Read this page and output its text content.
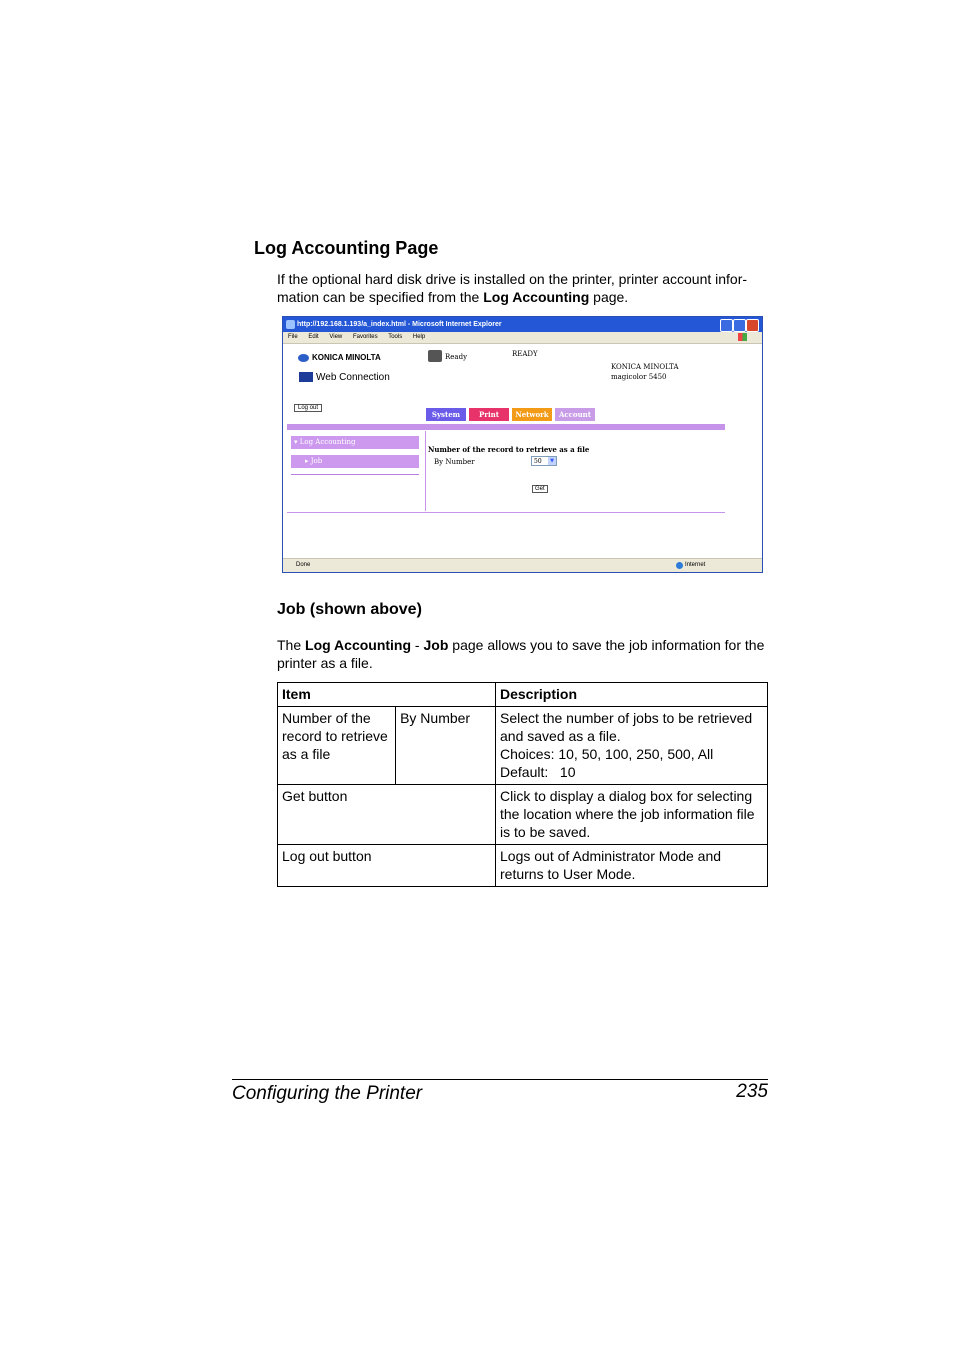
Log Accounting Page
If the optional hard disk drive is installed on the printer, printer account infor-mation can be specified from the Log Accounting page.
http://192.168.1.193/a_index.html - Microsoft Internet Explorer
File Edit View Favorites Tools Help
KONICA MINOLTA
Web Connection
Ready	READY
KONICA MINOLTA
magicolor 5450
Log out
System	Print	Network	Account
▾ Log Accounting
▸ Job
Number of the record to retrieve as a file
By Number	50	▼
Get
Done	Internet
Job (shown above)
The Log Accounting - Job page allows you to save the job information for the printer as a file.
Item		Description
Number of the record to retrieve as a file	By Number	Select the number of jobs to be retrieved and saved as a file.
Choices: 10, 50, 100, 250, 500, All
Default:   10

Get button		Click to display a dialog box for selecting the location where the job information file is to be saved.
Log out button		Logs out of Administrator Mode and returns to User Mode.
Configuring the Printer	235
